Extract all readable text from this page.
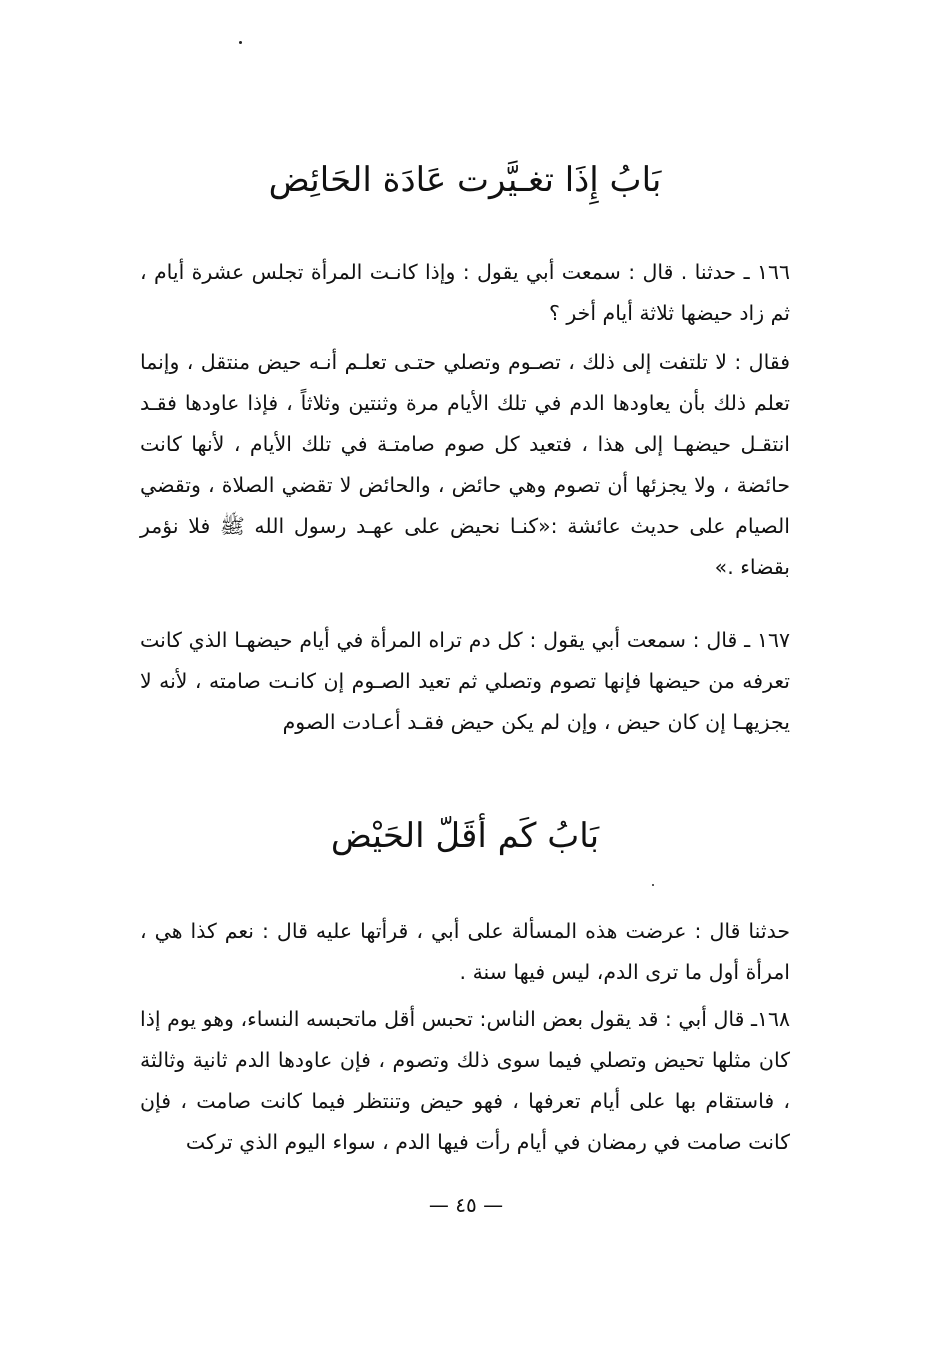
بَابُ إِذَا تغـيَّرت عَادَة الحَائِض

١٦٦ ـ حدثنا . قال : سمعت أبي يقول : وإذا كانـت المرأة تجلس عشرة أيام ، ثم زاد حيضها ثلاثة أيام أخر ؟

فقال : لا تلتفت إلى ذلك ، تصـوم وتصلي حتـى تعلـم أنـه حيض منتقل ، وإنما تعلم ذلك بأن يعاودها الدم في تلك الأيام مرة وثنتين وثلاثاً ، فإذا عاودها فقـد انتقـل حيضهـا إلى هذا ، فتعيد كل صوم صامتـة في تلك الأيام ، لأنها كانت حائضة ، ولا يجزئها أن تصوم وهي حائض ، والحائض لا تقضي الصلاة ، وتقضي الصيام على حديث عائشة :«كنـا نحيض على عهـد رسول الله ﷺ فلا نؤمر بقضاء .»

١٦٧ ـ قال : سمعت أبي يقول : كل دم تراه المرأة في أيام حيضهـا الذي كانت تعرفه من حيضها فإنها تصوم وتصلي ثم تعيد الصـوم إن كانـت صامته ، لأنه لا يجزيهـا إن كان حيض ، وإن لم يكن حيض فقـد أعـادت الصوم

بَابُ كَم أقَلّ الحَيْض

حدثنا قال : عرضت هذه المسألة على أبي ، قرأتها عليه قال : نعم كذا هي ، امرأة أول ما ترى الدم، ليس فيها سنة .

١٦٨ـ قال أبي : قد يقول بعض الناس: تحبس أقل ماتحبسه النساء، وهو يوم إذا كان مثلها تحيض وتصلي فيما سوى ذلك وتصوم ، فإن عاودها الدم ثانية وثالثة ، فاستقام بها على أيام تعرفها ، فهو حيض وتنتظر فيما كانت صامت ، فإن كانت صامت في رمضان في أيام رأت فيها الدم ، سواء اليوم الذي تركت

— ٤٥ —
